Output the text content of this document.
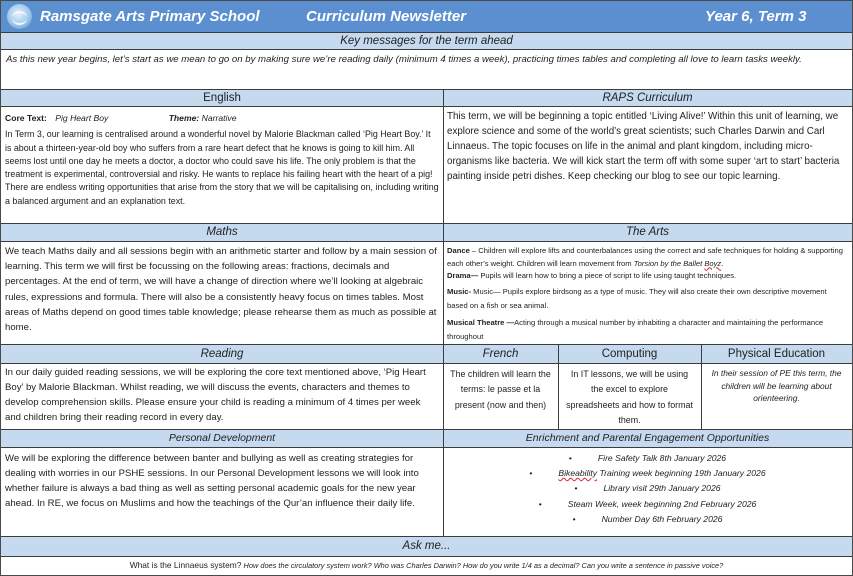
Ramsgate Arts Primary School	Curriculum Newsletter	Year 6, Term 3
Key messages for the term ahead
As this new year begins, let’s start as we mean to go on by making sure we’re reading daily (minimum 4 times a week), practicing times tables and completing all love to learn tasks weekly.
English	RAPS Curriculum
Core Text: Pig Heart Boy	Theme: Narrative
In Term 3, our learning is centralised around a wonderful novel by Malorie Blackman called ‘Pig Heart Boy.’ It is about a thirteen-year-old boy who suffers from a rare heart defect that he knows is going to kill him. All seems lost until one day he meets a doctor, a doctor who could save his life. The only problem is that the treatment is experimental, controversial and risky. He wants to replace his failing heart with the heart of a pig! There are endless writing opportunities that arise from the story that we will be capitalising on, including writing a balanced argument and an explanation text.
This term, we will be beginning a topic entitled ‘Living Alive!’ Within this unit of learning, we explore science and some of the world’s great scientists; such Charles Darwin and Carl Linnaeus. The topic focuses on life in the animal and plant kingdom, including micro-organisms like bacteria. We will kick start the term off with some super ‘art to start’ bacteria painting inside petri dishes. Keep checking our blog to see our topic learning.
Maths	The Arts
We teach Maths daily and all sessions begin with an arithmetic starter and follow by a main session of learning. This term we will first be focussing on the following areas: fractions, decimals and percentages. At the end of term, we will have a change of direction where we’ll looking at algebraic rules, expressions and formula. There will also be a consistently heavy focus on times tables. Most areas of Maths depend on good times table knowledge; please rehearse them as much as possible at home.
Dance – Children will explore lifts and counterbalances using the correct and safe techniques for holding & supporting each other’s weight. Children will learn movement from Torsion by the Ballet Boyz.
Drama— Pupils will learn how to bring a piece of script to life using taught techniques.
Music- Music— Pupils explore birdsong as a type of music. They will also create their own descriptive movement based on a fish or sea animal.
Musical Theatre —Acting through a musical number by inhabiting a character and maintaining the performance throughout
Reading	French	Computing	Physical Education
In our daily guided reading sessions, we will be exploring the core text mentioned above, ‘Pig Heart Boy’ by Malorie Blackman. Whilst reading, we will discuss the events, characters and themes to develop comprehension skills. Please ensure your child is reading a minimum of 4 times per week and children bring their reading record in every day.
The children will learn the terms: le passe et la present (now and then)
In IT lessons, we will be using the excel to explore spreadsheets and how to format them.
In their session of PE this term, the children will be learning about orienteering.
Personal Development	Enrichment and Parental Engagement Opportunities
We will be exploring the difference between banter and bullying as well as creating strategies for dealing with worries in our PSHE sessions. In our Personal Development lessons we will look into whether failure is always a bad thing as well as setting personal academic goals for the new year ahead. In RE, we focus on Muslims and how the teachings of the Qur’an influence their daily life.
• Fire Safety Talk 8th January 2026
• Bikeability Training week beginning 19th January 2026
• Library visit 29th January 2026
• Steam Week, week beginning 2nd February 2026
• Number Day 6th February 2026
Ask me...
What is the Linnaeus system? How does the circulatory system work? Who was Charles Darwin? How do you write 1/4 as a decimal? Can you write a sentence in passive voice?
